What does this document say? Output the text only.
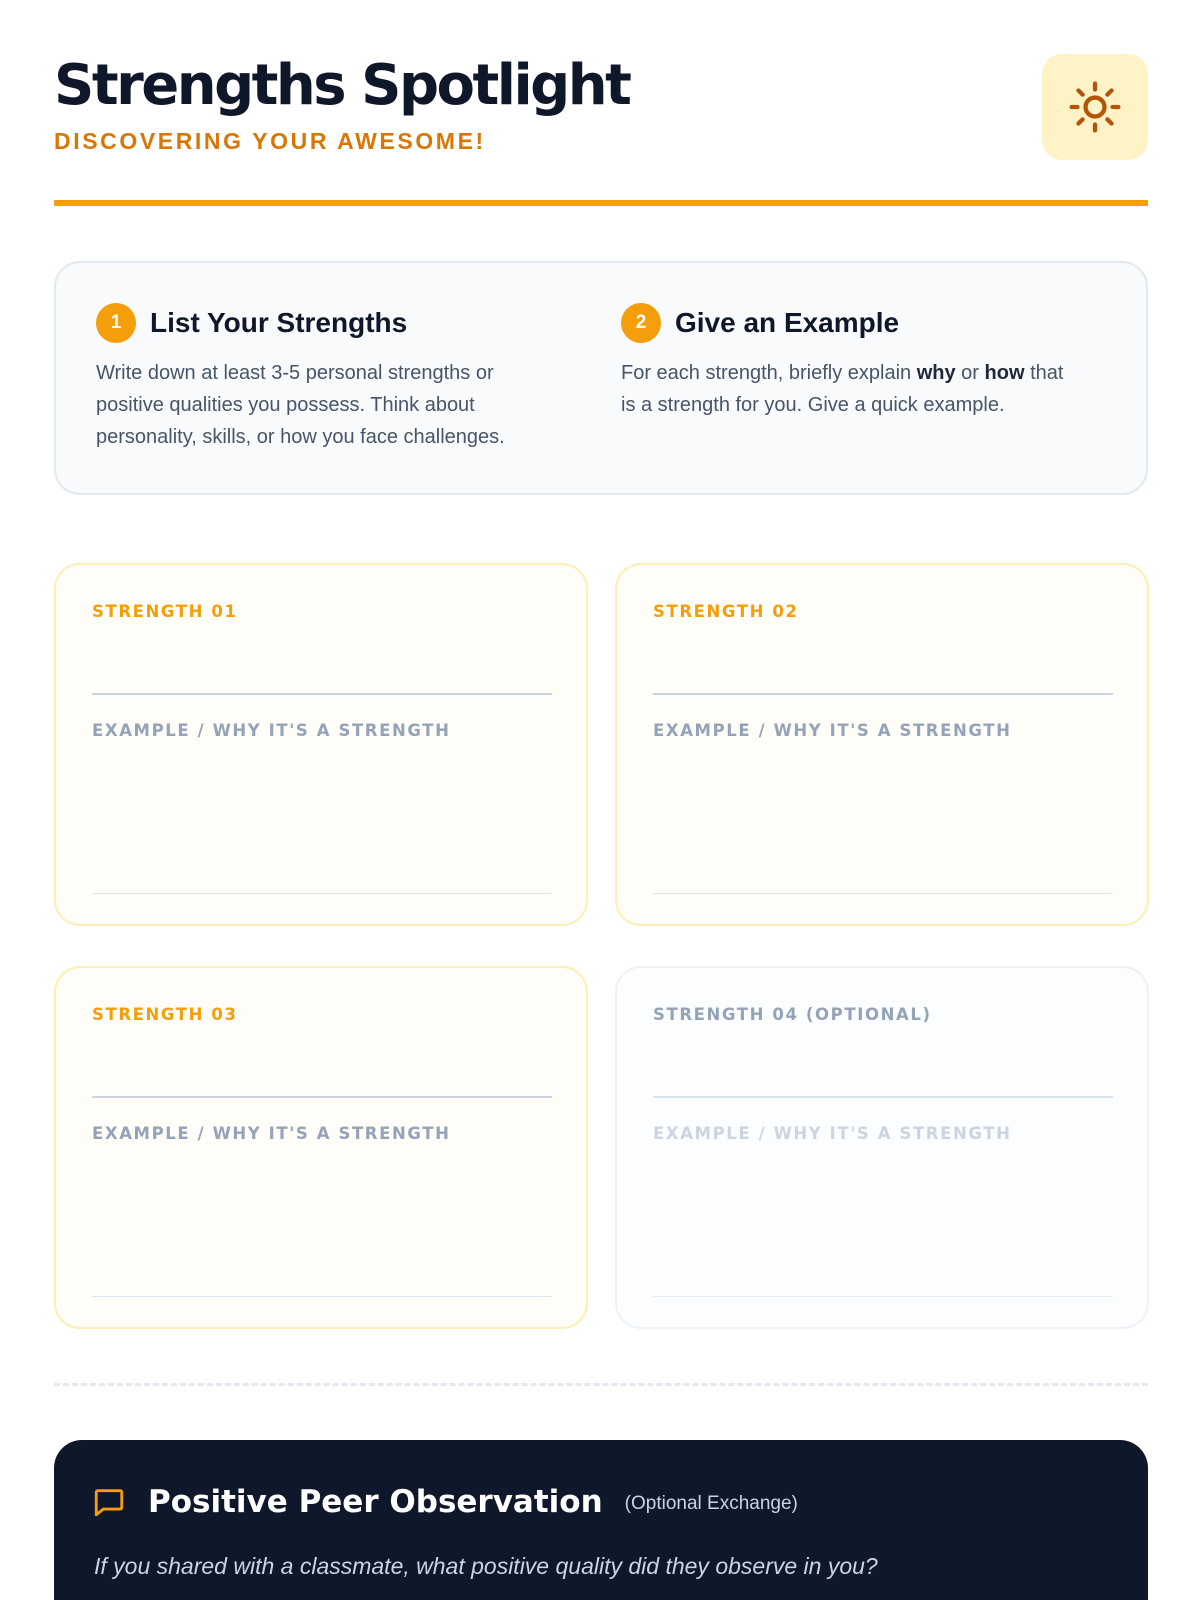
Strengths Spotlight
DISCOVERING YOUR AWESOME!
1	List Your Strengths

Write down at least 3-5 personal strengths or positive qualities you possess. Think about personality, skills, or how you face challenges.

2	Give an Example

For each strength, briefly explain why or how that is a strength for you. Give a quick example.

STRENGTH 01
EXAMPLE / WHY IT'S A STRENGTH
STRENGTH 02
EXAMPLE / WHY IT'S A STRENGTH
STRENGTH 03
EXAMPLE / WHY IT'S A STRENGTH
STRENGTH 04 (OPTIONAL)
EXAMPLE / WHY IT'S A STRENGTH
Positive Peer Observation (Optional Exchange)

If you shared with a classmate, what positive quality did they observe in you?
